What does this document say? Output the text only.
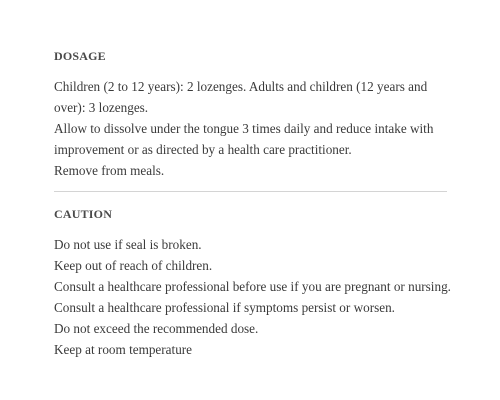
DOSAGE

Children (2 to 12 years): 2 lozenges. Adults and children (12 years and over): 3 lozenges.

Allow to dissolve under the tongue 3 times daily and reduce intake with improvement or as directed by a health care practitioner.

Remove from meals.

CAUTION
Do not use if seal is broken.
Keep out of reach of children.
Consult a healthcare professional before use if you are pregnant or nursing.
Consult a healthcare professional if symptoms persist or worsen.
Do not exceed the recommended dose.
Keep at room temperature
